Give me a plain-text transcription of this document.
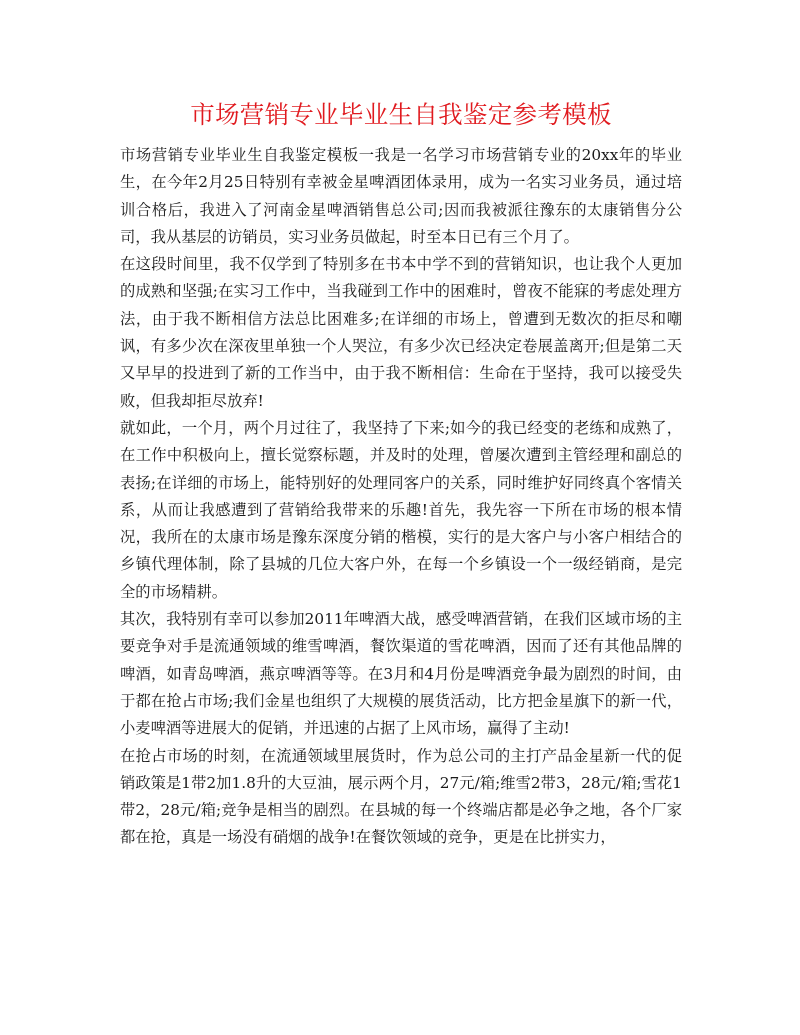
市场营销专业毕业生自我鉴定参考模板

市场营销专业毕业生自我鉴定模板一我是一名学习市场营销专业的20xx年的毕业生，在今年2月25日特别有幸被金星啤酒团体录用，成为一名实习业务员，通过培训合格后，我进入了河南金星啤酒销售总公司;因而我被派往豫东的太康销售分公司，我从基层的访销员，实习业务员做起，时至本日已有三个月了。

在这段时间里，我不仅学到了特别多在书本中学不到的营销知识，也让我个人更加的成熟和坚强;在实习工作中，当我碰到工作中的困难时，曾夜不能寐的考虑处理方法，由于我不断相信方法总比困难多;在详细的市场上，曾遭到无数次的拒尽和嘲讽，有多少次在深夜里单独一个人哭泣，有多少次已经决定卷展盖离开;但是第二天又早早的投进到了新的工作当中，由于我不断相信：生命在于坚持，我可以接受失败，但我却拒尽放弃!

就如此，一个月，两个月过往了，我坚持了下来;如今的我已经变的老练和成熟了，在工作中积极向上，擅长觉察标题，并及时的处理，曾屡次遭到主管经理和副总的表扬;在详细的市场上，能特别好的处理同客户的关系，同时维护好同终真个客情关系，从而让我感遭到了营销给我带来的乐趣!首先，我先容一下所在市场的根本情况，我所在的太康市场是豫东深度分销的楷模，实行的是大客户与小客户相结合的乡镇代理体制，除了县城的几位大客户外，在每一个乡镇设一个一级经销商，是完全的市场精耕。

其次，我特别有幸可以参加2011年啤酒大战，感受啤酒营销，在我们区域市场的主要竞争对手是流通领域的维雪啤酒，餐饮渠道的雪花啤酒，因而了还有其他品牌的啤酒，如青岛啤酒，燕京啤酒等等。在3月和4月份是啤酒竞争最为剧烈的时间，由于都在抢占市场;我们金星也组织了大规模的展货活动，比方把金星旗下的新一代，小麦啤酒等进展大的促销，并迅速的占据了上风市场，赢得了主动!

在抢占市场的时刻，在流通领域里展货时，作为总公司的主打产品金星新一代的促销政策是1带2加1.8升的大豆油，展示两个月，27元/箱;维雪2带3，28元/箱;雪花1带2，28元/箱;竞争是相当的剧烈。在县城的每一个终端店都是必争之地，各个厂家都在抢，真是一场没有硝烟的战争!在餐饮领域的竞争，更是在比拼实力，
